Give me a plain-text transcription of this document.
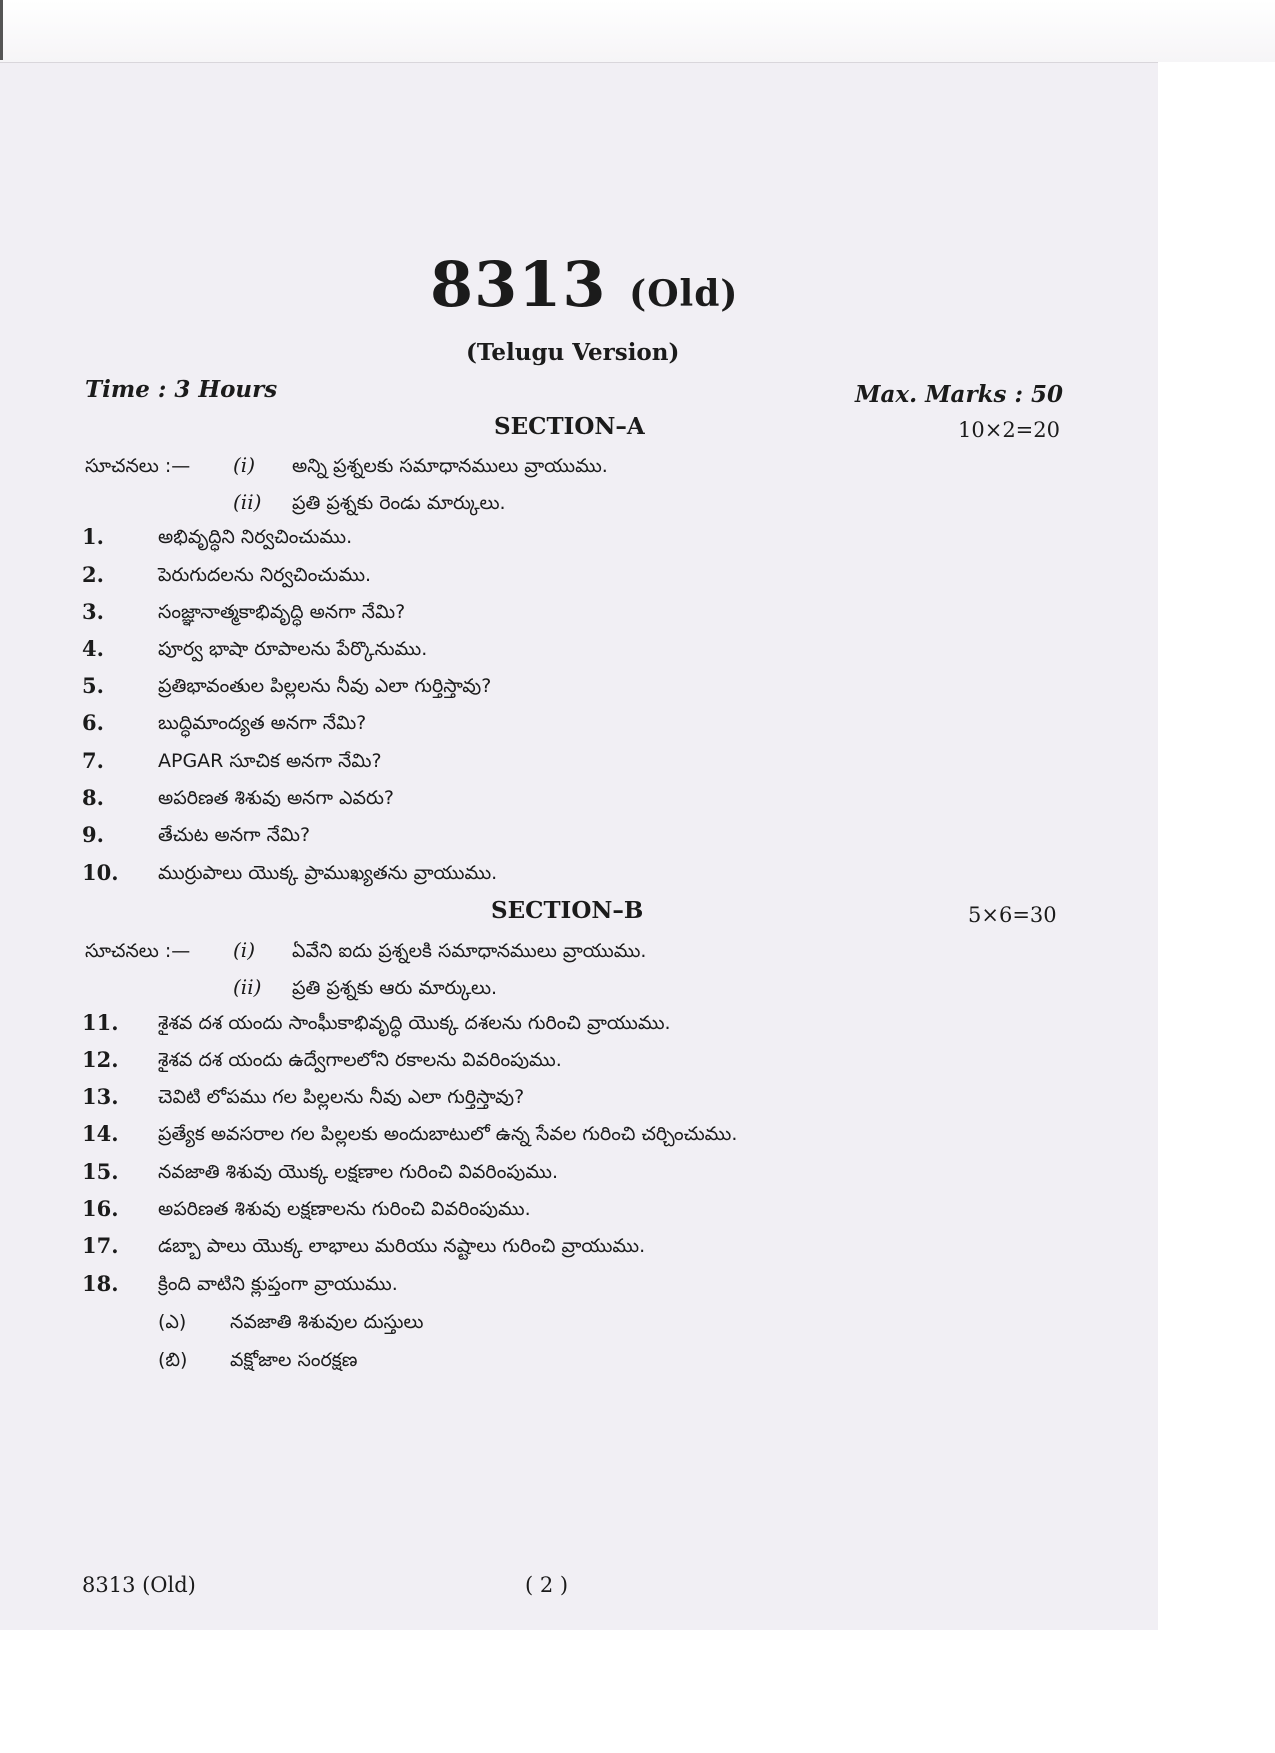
8313 (Old)
(Telugu Version)
Time : 3 Hours	Max. Marks : 50
SECTION–A	10×2=20
సూచనలు :— (i) అన్ని ప్రశ్నలకు సమాధానములు వ్రాయుము.
(ii) ప్రతి ప్రశ్నకు రెండు మార్కులు.
1.	అభివృద్ధిని నిర్వచించుము.
2.	పెరుగుదలను నిర్వచించుము.
3.	సంజ్ఞానాత్మకాభివృద్ధి అనగా నేమి?
4.	పూర్వ భాషా రూపాలను పేర్కొనుము.
5.	ప్రతిభావంతుల పిల్లలను నీవు ఎలా గుర్తిస్తావు?
6.	బుద్ధిమాంద్యత అనగా నేమి?
7.	APGAR సూచిక అనగా నేమి?
8.	అపరిణత శిశువు అనగా ఎవరు?
9.	తేచుట అనగా నేమి?
10.	ముర్రుపాలు యొక్క ప్రాముఖ్యతను వ్రాయుము.
SECTION–B	5×6=30
సూచనలు :— (i) ఏవేని ఐదు ప్రశ్నలకి సమాధానములు వ్రాయుము.
(ii) ప్రతి ప్రశ్నకు ఆరు మార్కులు.
11.	శైశవ దశ యందు సాంఘీకాభివృద్ధి యొక్క దశలను గురించి వ్రాయుము.
12.	శైశవ దశ యందు ఉద్వేగాలలోని రకాలను వివరింపుము.
13.	చెవిటి లోపము గల పిల్లలను నీవు ఎలా గుర్తిస్తావు?
14.	ప్రత్యేక అవసరాల గల పిల్లలకు అందుబాటులో ఉన్న సేవల గురించి చర్చించుము.
15.	నవజాతి శిశువు యొక్క లక్షణాల గురించి వివరింపుము.
16.	అపరిణత శిశువు లక్షణాలను గురించి వివరింపుము.
17.	డబ్బా పాలు యొక్క లాభాలు మరియు నష్టాలు గురించి వ్రాయుము.
18.	క్రింది వాటిని క్లుప్తంగా వ్రాయుము.
(ఎ) నవజాతి శిశువుల దుస్తులు
(బి) వక్షోజాల సంరక్షణ
8313 (Old)	( 2 )
